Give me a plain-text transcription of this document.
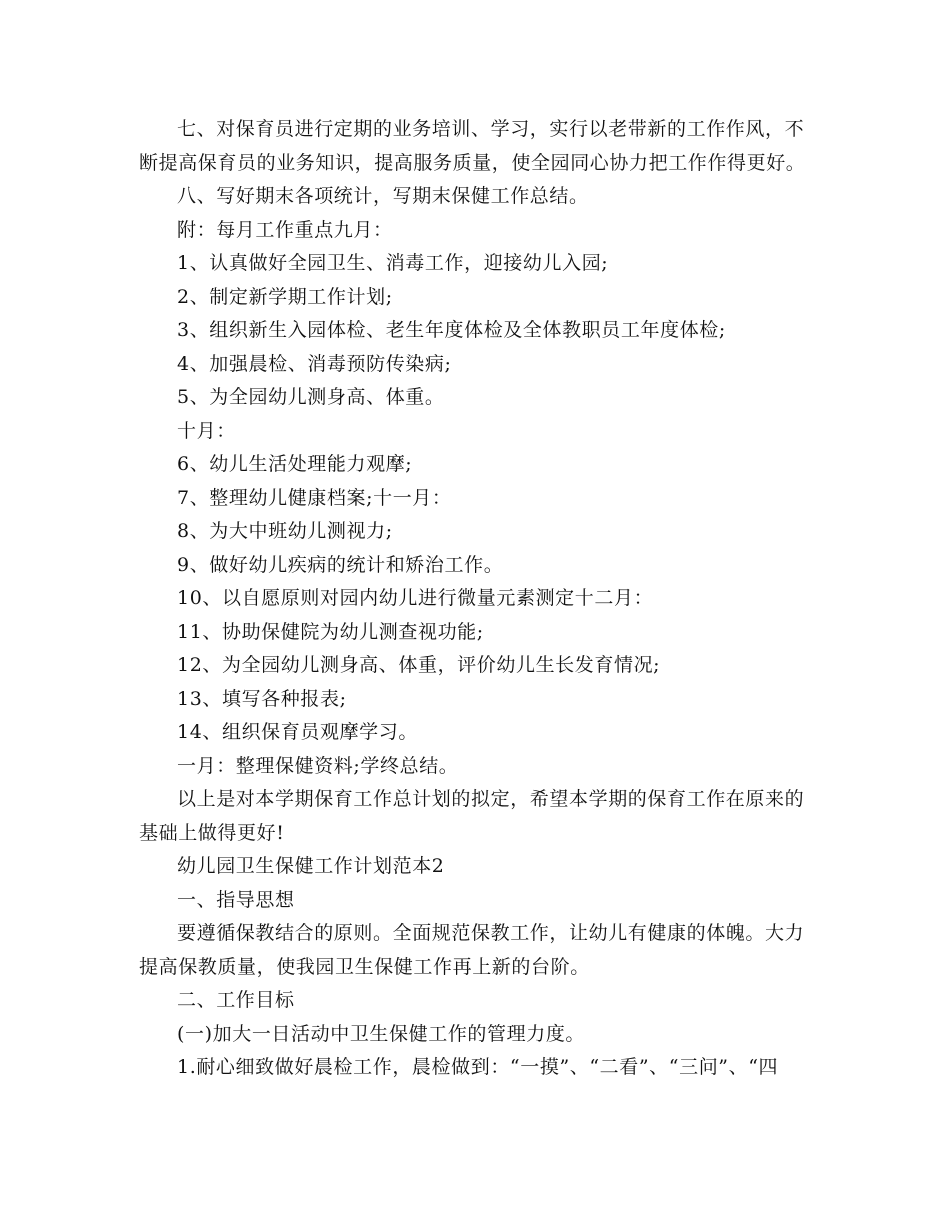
七、对保育员进行定期的业务培训、学习，实行以老带新的工作作风，不断提高保育员的业务知识，提高服务质量，使全园同心协力把工作作得更好。

八、写好期末各项统计，写期末保健工作总结。

附：每月工作重点九月：

1、认真做好全园卫生、消毒工作，迎接幼儿入园;

2、制定新学期工作计划;

3、组织新生入园体检、老生年度体检及全体教职员工年度体检;

4、加强晨检、消毒预防传染病;

5、为全园幼儿测身高、体重。

十月：

6、幼儿生活处理能力观摩;

7、整理幼儿健康档案;十一月：

8、为大中班幼儿测视力;

9、做好幼儿疾病的统计和矫治工作。

10、以自愿原则对园内幼儿进行微量元素测定十二月：

11、协助保健院为幼儿测查视功能;

12、为全园幼儿测身高、体重，评价幼儿生长发育情况;

13、填写各种报表;

14、组织保育员观摩学习。

一月：整理保健资料;学终总结。

以上是对本学期保育工作总计划的拟定，希望本学期的保育工作在原来的基础上做得更好!

幼儿园卫生保健工作计划范本2

一、指导思想

要遵循保教结合的原则。全面规范保教工作，让幼儿有健康的体魄。大力提高保教质量，使我园卫生保健工作再上新的台阶。

二、工作目标

(一)加大一日活动中卫生保健工作的管理力度。

1.耐心细致做好晨检工作，晨检做到：“一摸”、“二看”、“三问”、“四
